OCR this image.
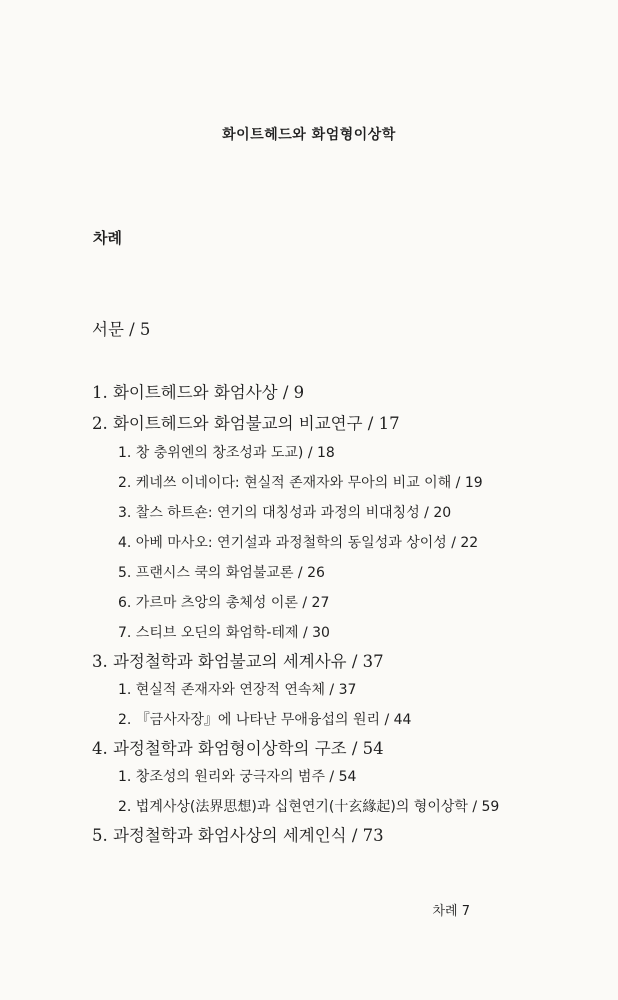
화이트헤드와 화엄형이상학
차례
서문 / 5
1. 화이트헤드와 화엄사상 / 9
2. 화이트헤드와 화엄불교의 비교연구 / 17
1. 창 충위엔의 창조성과 도교) / 18
2. 케네쓰 이네이다: 현실적 존재자와 무아의 비교 이해 / 19
3. 찰스 하트숀: 연기의 대칭성과 과정의 비대칭성 / 20
4. 아베 마사오: 연기설과 과정철학의 동일성과 상이성 / 22
5. 프랜시스 쿡의 화엄불교론 / 26
6. 가르마 츠앙의 총체성 이론 / 27
7. 스티브 오딘의 화엄학-테제 / 30
3. 과정철학과 화엄불교의 세계사유 / 37
1. 현실적 존재자와 연장적 연속체 / 37
2. 『금사자장』에 나타난 무애융섭의 원리 / 44
4. 과정철학과 화엄형이상학의 구조 / 54
1. 창조성의 원리와 궁극자의 범주 / 54
2. 법계사상(法界思想)과 십현연기(十玄緣起)의 형이상학 / 59
5. 과정철학과 화엄사상의 세계인식 / 73
차례 7
